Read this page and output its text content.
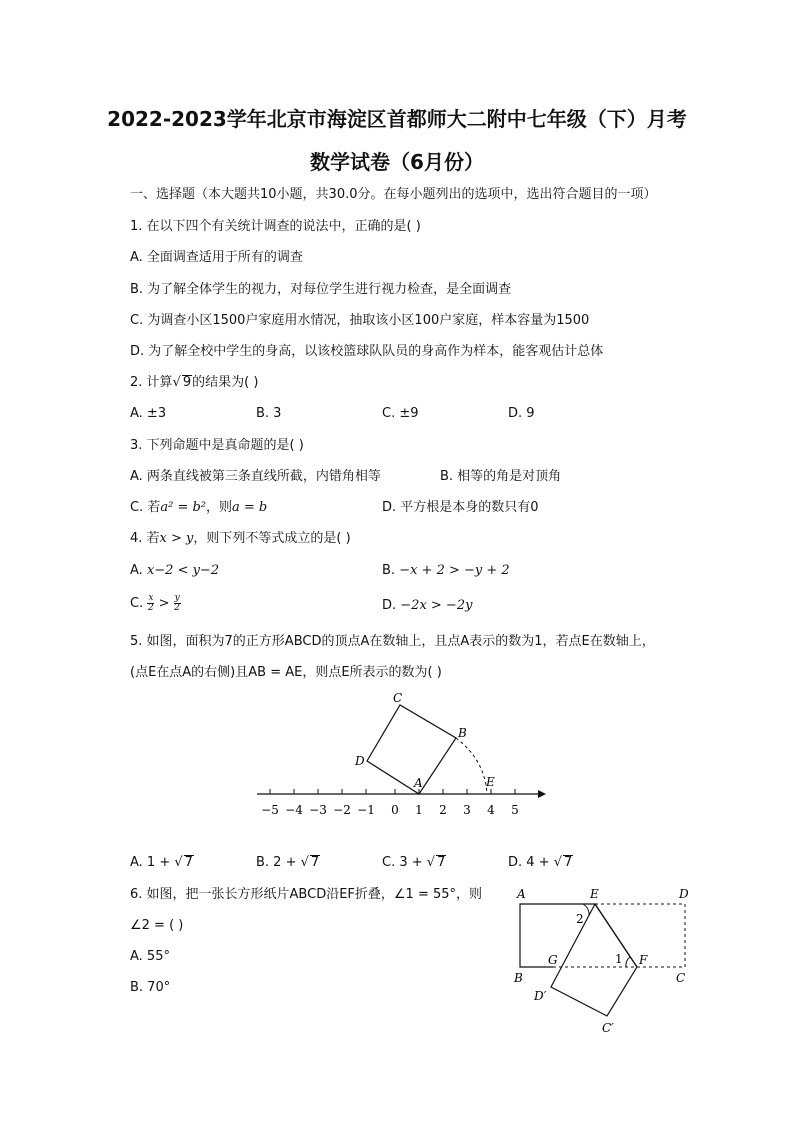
2022-2023学年北京市海淀区首都师大二附中七年级（下）月考
数学试卷（6月份）
一、选择题（本大题共10小题，共30.0分。在每小题列出的选项中，选出符合题目的一项）
1. 在以下四个有关统计调查的说法中，正确的是( )
A. 全面调查适用于所有的调查
B. 为了解全体学生的视力，对每位学生进行视力检查，是全面调查
C. 为调查小区1500户家庭用水情况，抽取该小区100户家庭，样本容量为1500
D. 为了解全校中学生的身高，以该校篮球队队员的身高作为样本，能客观估计总体
2. 计算√ 9的结果为( )
A. ±3	B. 3	C. ±9	D. 9
3. 下列命题中是真命题的是( )
A. 两条直线被第三条直线所截，内错角相等	B. 相等的角是对顶角
C. 若a² = b²，则a = b	D. 平方根是本身的数只有0
4. 若x > y，则下列不等式成立的是( )
A. x−2 < y−2	B. −x + 2 > −y + 2
C. $\frac{x}{2} > \frac{y}{2}$	D. −2x > −2y
5. 如图，面积为7的正方形ABCD的顶点A在数轴上，且点A表示的数为1，若点E在数轴上，
(点E在点A的右侧)且AB = AE，则点E所表示的数为( )
−5 −4 −3 −2 −1 0 1 2 3 4 5
A
B
C
D
E
A. 1 + √ 7	B. 2 + √ 7	C. 3 + √ 7	D. 4 + √ 7
6. 如图，把一张长方形纸片ABCD沿EF折叠，∠1 = 55°，则
∠2 = ( )
A. 55°
B. 70°
A	E	D
B
G	F
C
D′
C′
1
2
